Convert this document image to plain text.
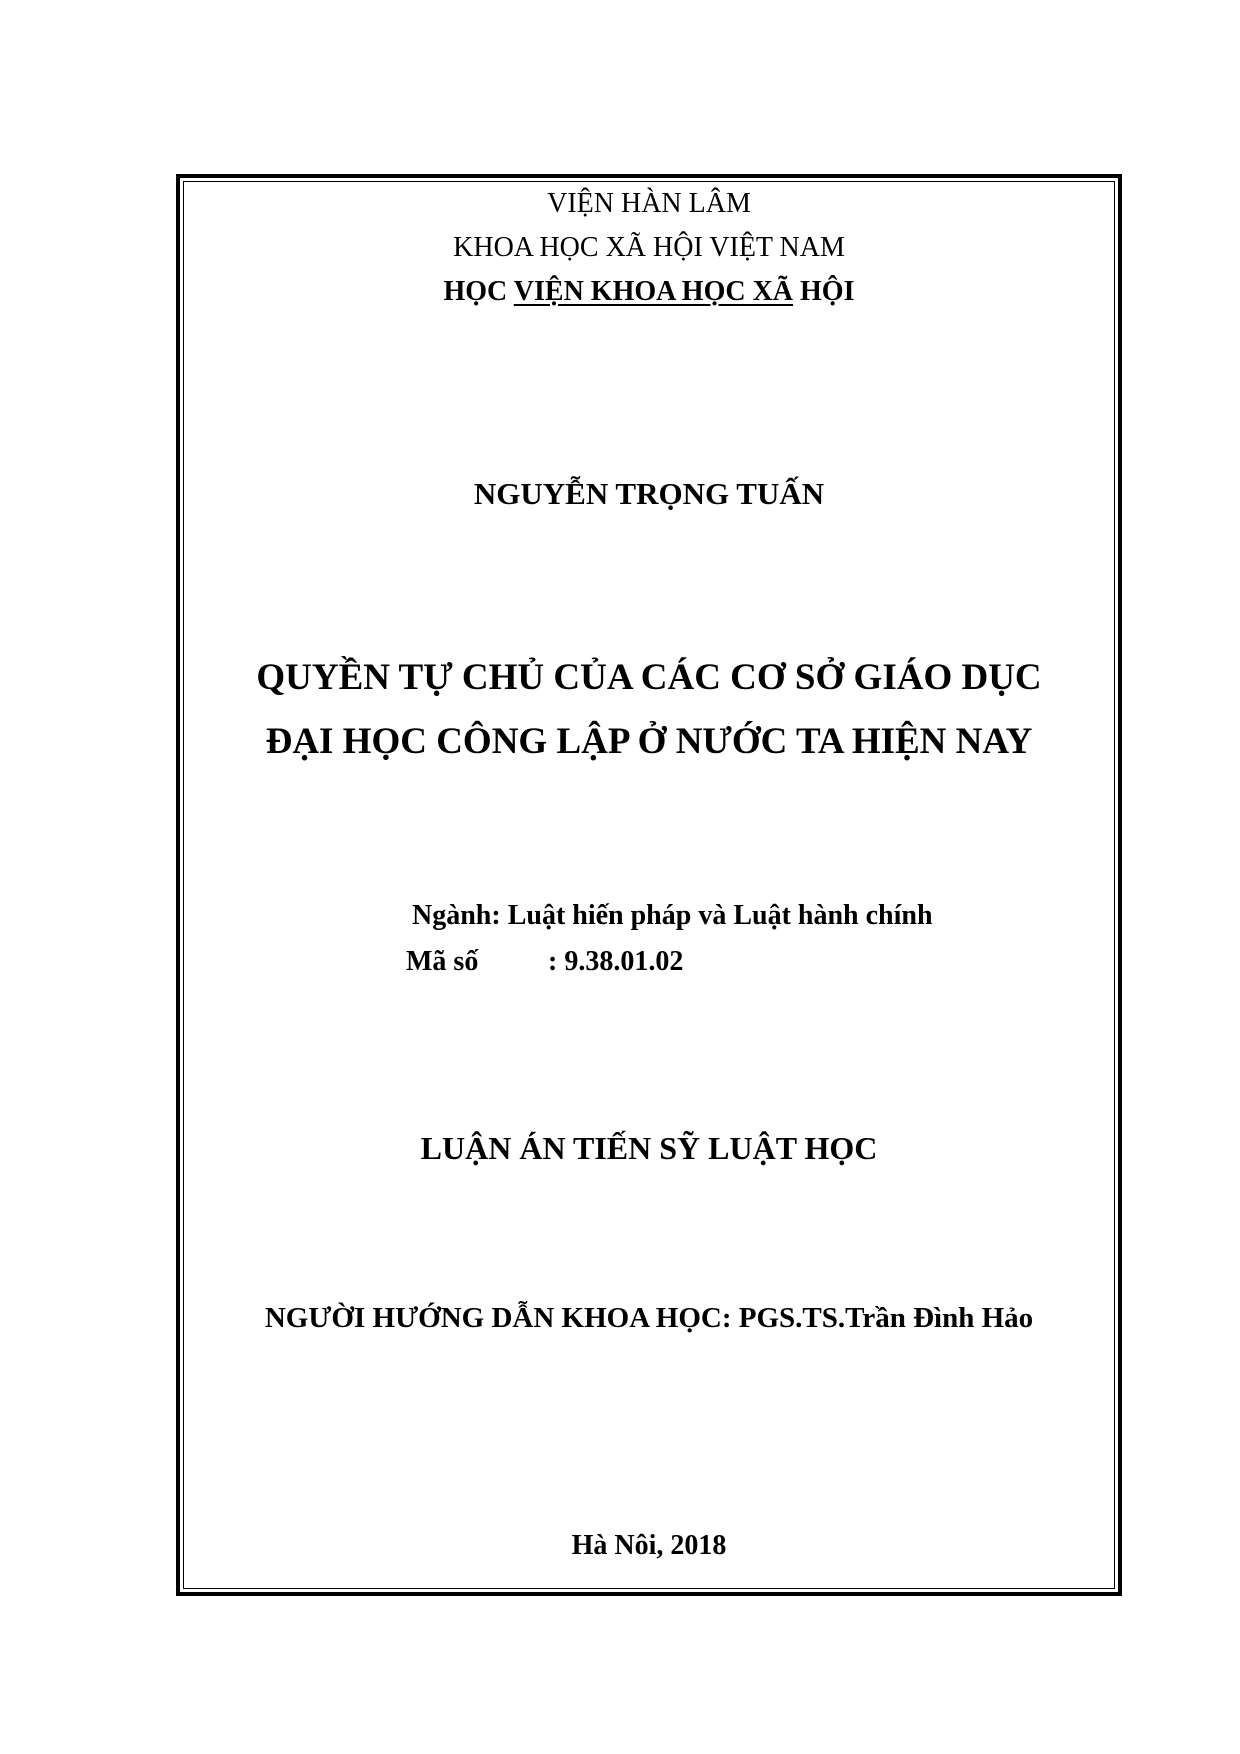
VIỆN HÀN LÂM
KHOA HỌC XÃ HỘI VIỆT NAM
HỌC VIỆN KHOA HỌC XÃ HỘI
NGUYỄN TRỌNG TUẤN
QUYỀN TỰ CHỦ CỦA CÁC CƠ SỞ GIÁO DỤC
ĐẠI HỌC CÔNG LẬP Ở NƯỚC TA HIỆN NAY
Ngành: Luật hiến pháp và Luật hành chính
Mã số : 9.38.01.02
LUẬN ÁN TIẾN SỸ LUẬT HỌC
NGƯỜI HƯỚNG DẪN KHOA HỌC: PGS.TS.Trần Đình Hảo
Hà Nôi, 2018
